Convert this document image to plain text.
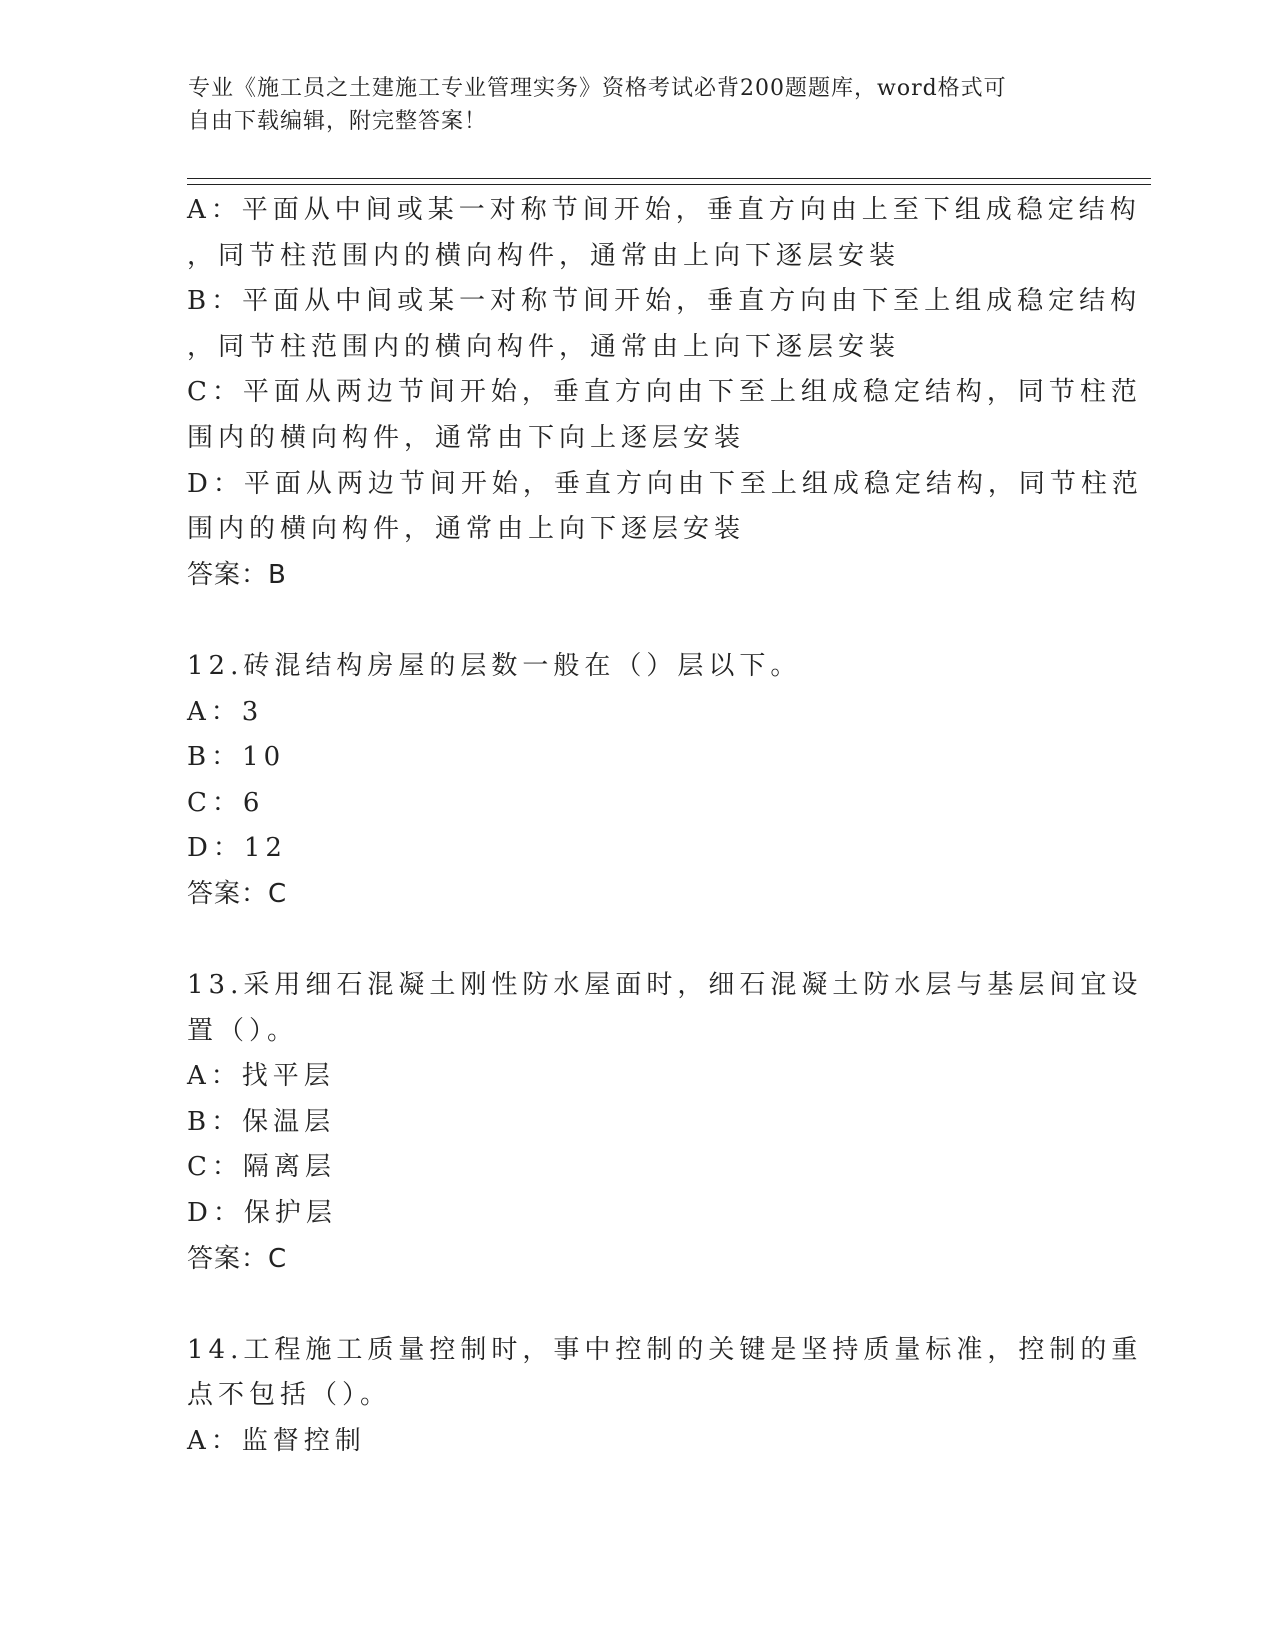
专业《施工员之土建施工专业管理实务》资格考试必背200题题库，word格式可
自由下载编辑，附完整答案！
A：平面从中间或某一对称节间开始，垂直方向由上至下组成稳定结构
，同节柱范围内的横向构件，通常由上向下逐层安装
B：平面从中间或某一对称节间开始，垂直方向由下至上组成稳定结构
，同节柱范围内的横向构件，通常由上向下逐层安装
C：平面从两边节间开始，垂直方向由下至上组成稳定结构，同节柱范
围内的横向构件，通常由下向上逐层安装
D：平面从两边节间开始，垂直方向由下至上组成稳定结构，同节柱范
围内的横向构件，通常由上向下逐层安装
答案：B
12.砖混结构房屋的层数一般在（）层以下。
A：3
B：10
C：6
D：12
答案：C
13.采用细石混凝土刚性防水屋面时，细石混凝土防水层与基层间宜设
置（）。
A：找平层
B：保温层
C：隔离层
D：保护层
答案：C
14.工程施工质量控制时，事中控制的关键是坚持质量标准，控制的重
点不包括（）。
A：监督控制
